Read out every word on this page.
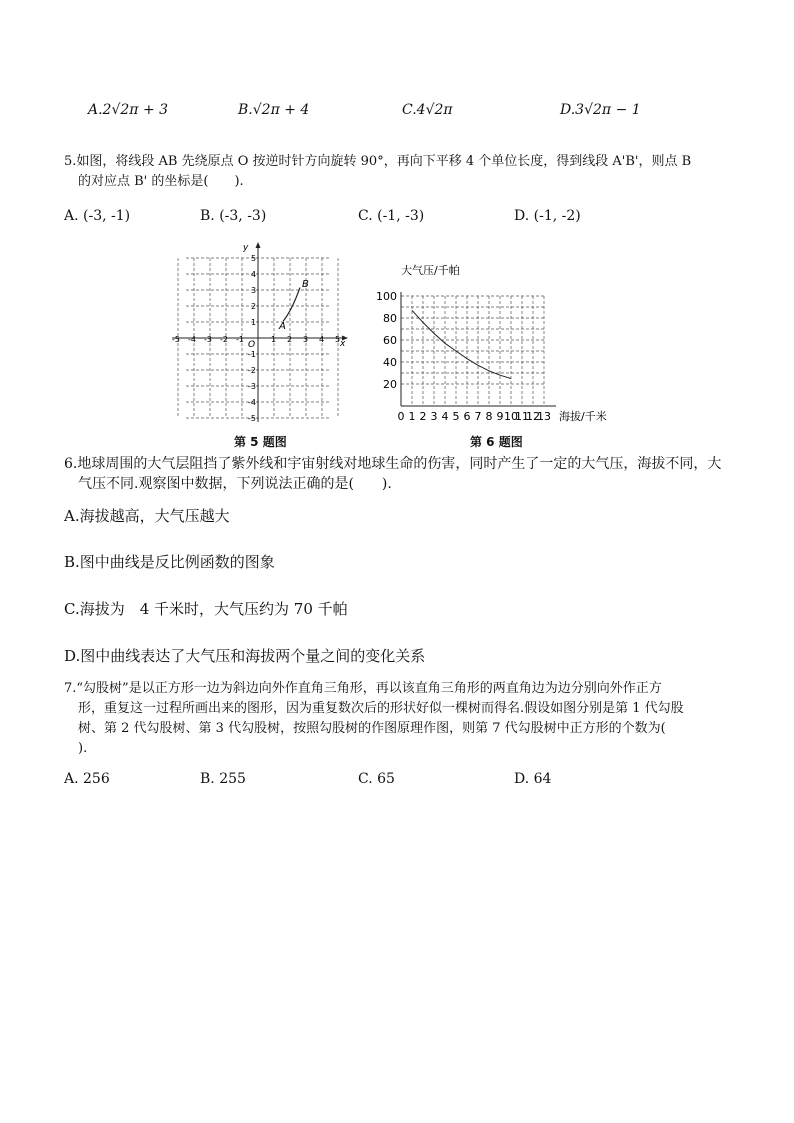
A.2√2π + 3	B.√2π + 4	C.4√2π	D.3√2π − 1
5.如图，将线段 AB 先绕原点 O 按逆时针方向旋转 90°，再向下平移 4 个单位长度，得到线段 A'B'，则点 B
的对应点 B' 的坐标是(　　).
A. (-3, -1)	B. (-3, -3)	C. (-1, -3)	D. (-1, -2)
A
B
O	x
y
-5 -4 -3 -2 -1	1 2 3 4 5
5
4
3
2
1
-1
-2
-3
-4
-5
第 5 题图
大气压/千帕
0 1 2 3 4 5 6 7 8 9 10
11
12
13
100
80
60
40
20
海拔/千米
第 6 题图
6.地球周围的大气层阻挡了紫外线和宇宙射线对地球生命的伤害，同时产生了一定的大气压，海拔不同，大
气压不同.观察图中数据，下列说法正确的是(　　).
A.海拔越高，大气压越大
B.图中曲线是反比例函数的图象
C.海拔为　4 千米时，大气压约为 70 千帕
D.图中曲线表达了大气压和海拔两个量之间的变化关系
7.“勾股树”是以正方形一边为斜边向外作直角三角形，再以该直角三角形的两直角边为边分别向外作正方
形，重复这一过程所画出来的图形，因为重复数次后的形状好似一棵树而得名.假设如图分别是第 1 代勾股
树、第 2 代勾股树、第 3 代勾股树，按照勾股树的作图原理作图，则第 7 代勾股树中正方形的个数为(
).
A. 256	B. 255	C. 65	D. 64
